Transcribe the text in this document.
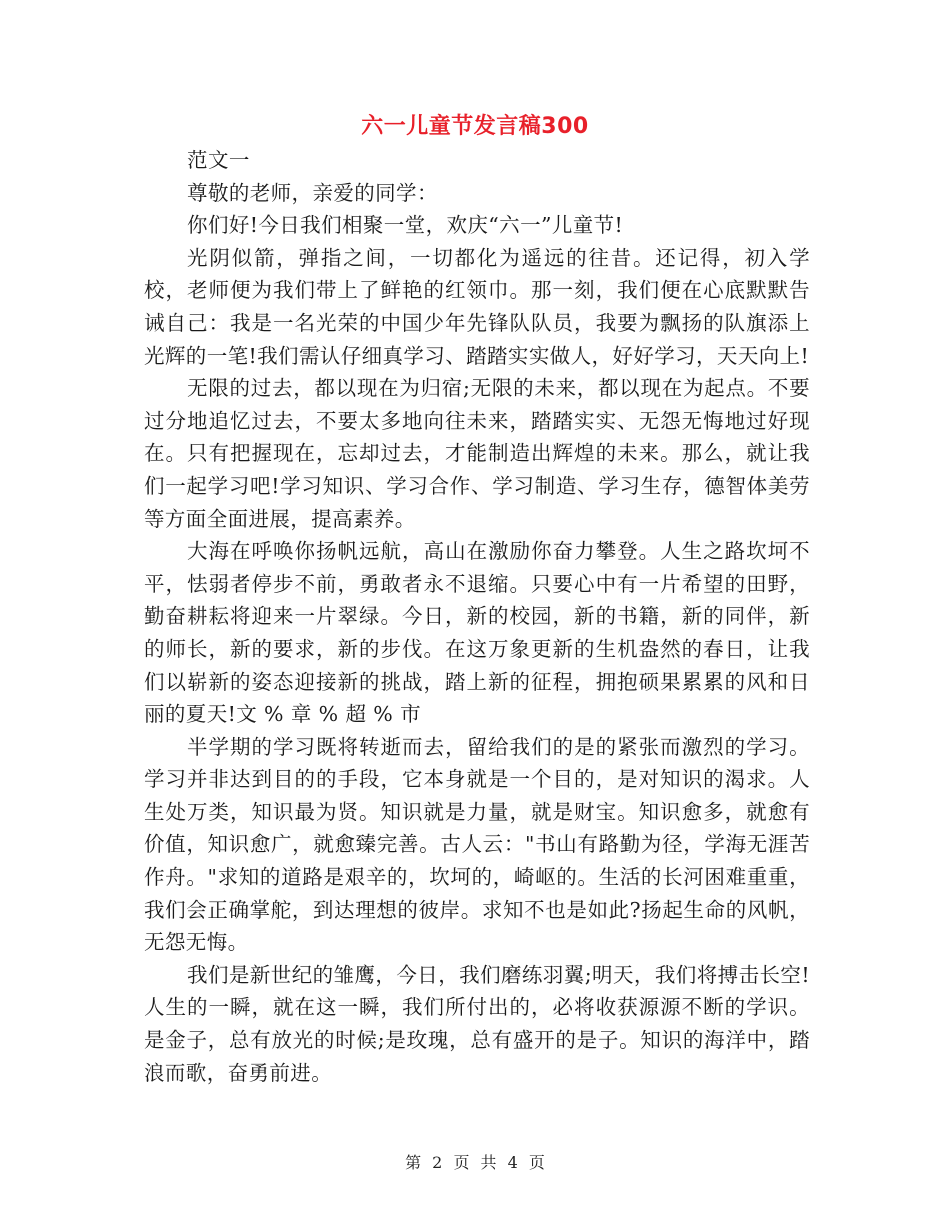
六一儿童节发言稿300

范文一

尊敬的老师，亲爱的同学：

你们好!今日我们相聚一堂，欢庆“六一”儿童节!

光阴似箭，弹指之间，一切都化为遥远的往昔。还记得，初入学校，老师便为我们带上了鲜艳的红领巾。那一刻，我们便在心底默默告诫自己：我是一名光荣的中国少年先锋队队员，我要为飘扬的队旗添上光辉的一笔!我们需认仔细真学习、踏踏实实做人，好好学习，天天向上!

无限的过去，都以现在为归宿;无限的未来，都以现在为起点。不要过分地追忆过去，不要太多地向往未来，踏踏实实、无怨无悔地过好现在。只有把握现在，忘却过去，才能制造出辉煌的未来。那么，就让我们一起学习吧!学习知识、学习合作、学习制造、学习生存，德智体美劳等方面全面进展，提高素养。

大海在呼唤你扬帆远航，高山在激励你奋力攀登。人生之路坎坷不平，怯弱者停步不前，勇敢者永不退缩。只要心中有一片希望的田野，勤奋耕耘将迎来一片翠绿。今日，新的校园，新的书籍，新的同伴，新的师长，新的要求，新的步伐。在这万象更新的生机盎然的春日，让我们以崭新的姿态迎接新的挑战，踏上新的征程，拥抱硕果累累的风和日丽的夏天!文 % 章 % 超 % 市

半学期的学习既将转逝而去，留给我们的是的紧张而激烈的学习。学习并非达到目的的手段，它本身就是一个目的，是对知识的渴求。人生处万类，知识最为贤。知识就是力量，就是财宝。知识愈多，就愈有价值，知识愈广，就愈臻完善。古人云："书山有路勤为径，学海无涯苦作舟。"求知的道路是艰辛的，坎坷的，崎岖的。生活的长河困难重重，我们会正确掌舵，到达理想的彼岸。求知不也是如此?扬起生命的风帆，无怨无悔。

我们是新世纪的雏鹰，今日，我们磨练羽翼;明天，我们将搏击长空!人生的一瞬，就在这一瞬，我们所付出的，必将收获源源不断的学识。是金子，总有放光的时候;是玫瑰，总有盛开的是子。知识的海洋中，踏浪而歌，奋勇前进。

第 2 页 共 4 页
